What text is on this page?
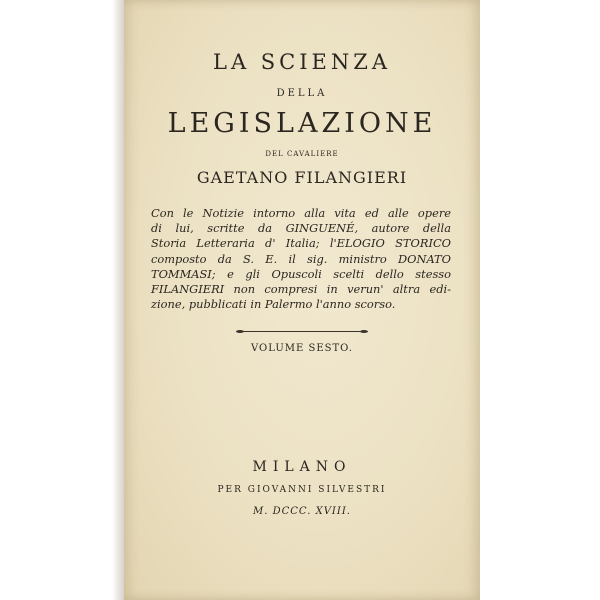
LA SCIENZA
DELLA
LEGISLAZIONE
DEL CAVALIERE
GAETANO FILANGIERI
Con le Notizie intorno alla vita ed alle opere
di lui, scritte da GINGUENÉ, autore della
Storia Letteraria d' Italia; l'ELOGIO STORICO
composto da S. E. il sig. ministro DONATO
TOMMASI; e gli Opuscoli scelti dello stesso
FILANGIERI non compresi in verun' altra edi-
zione, pubblicati in Palermo l'anno scorso.
VOLUME SESTO.
MILANO
PER GIOVANNI SILVESTRI
M. DCCC. XVIII.
